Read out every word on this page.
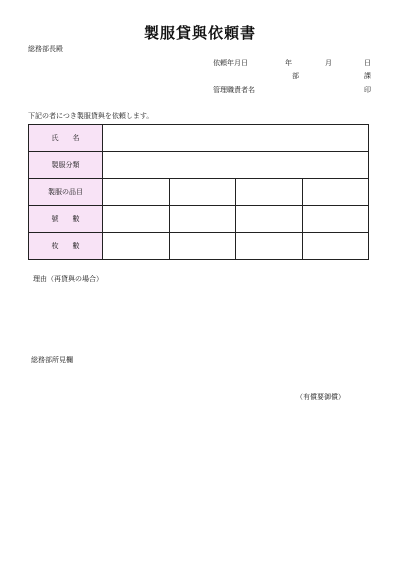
製服貸與依頼書
総務部長殿
依頼年月日	年	月	日
部	課
管理職責者名	印
下記の者につき製服貸與を依頼します。
氏　　名				
製服分類				
製服の品目				
號　　數				
枚　　數				
理由（再貸與の場合）
総務部所見欄
（有償要御償）
